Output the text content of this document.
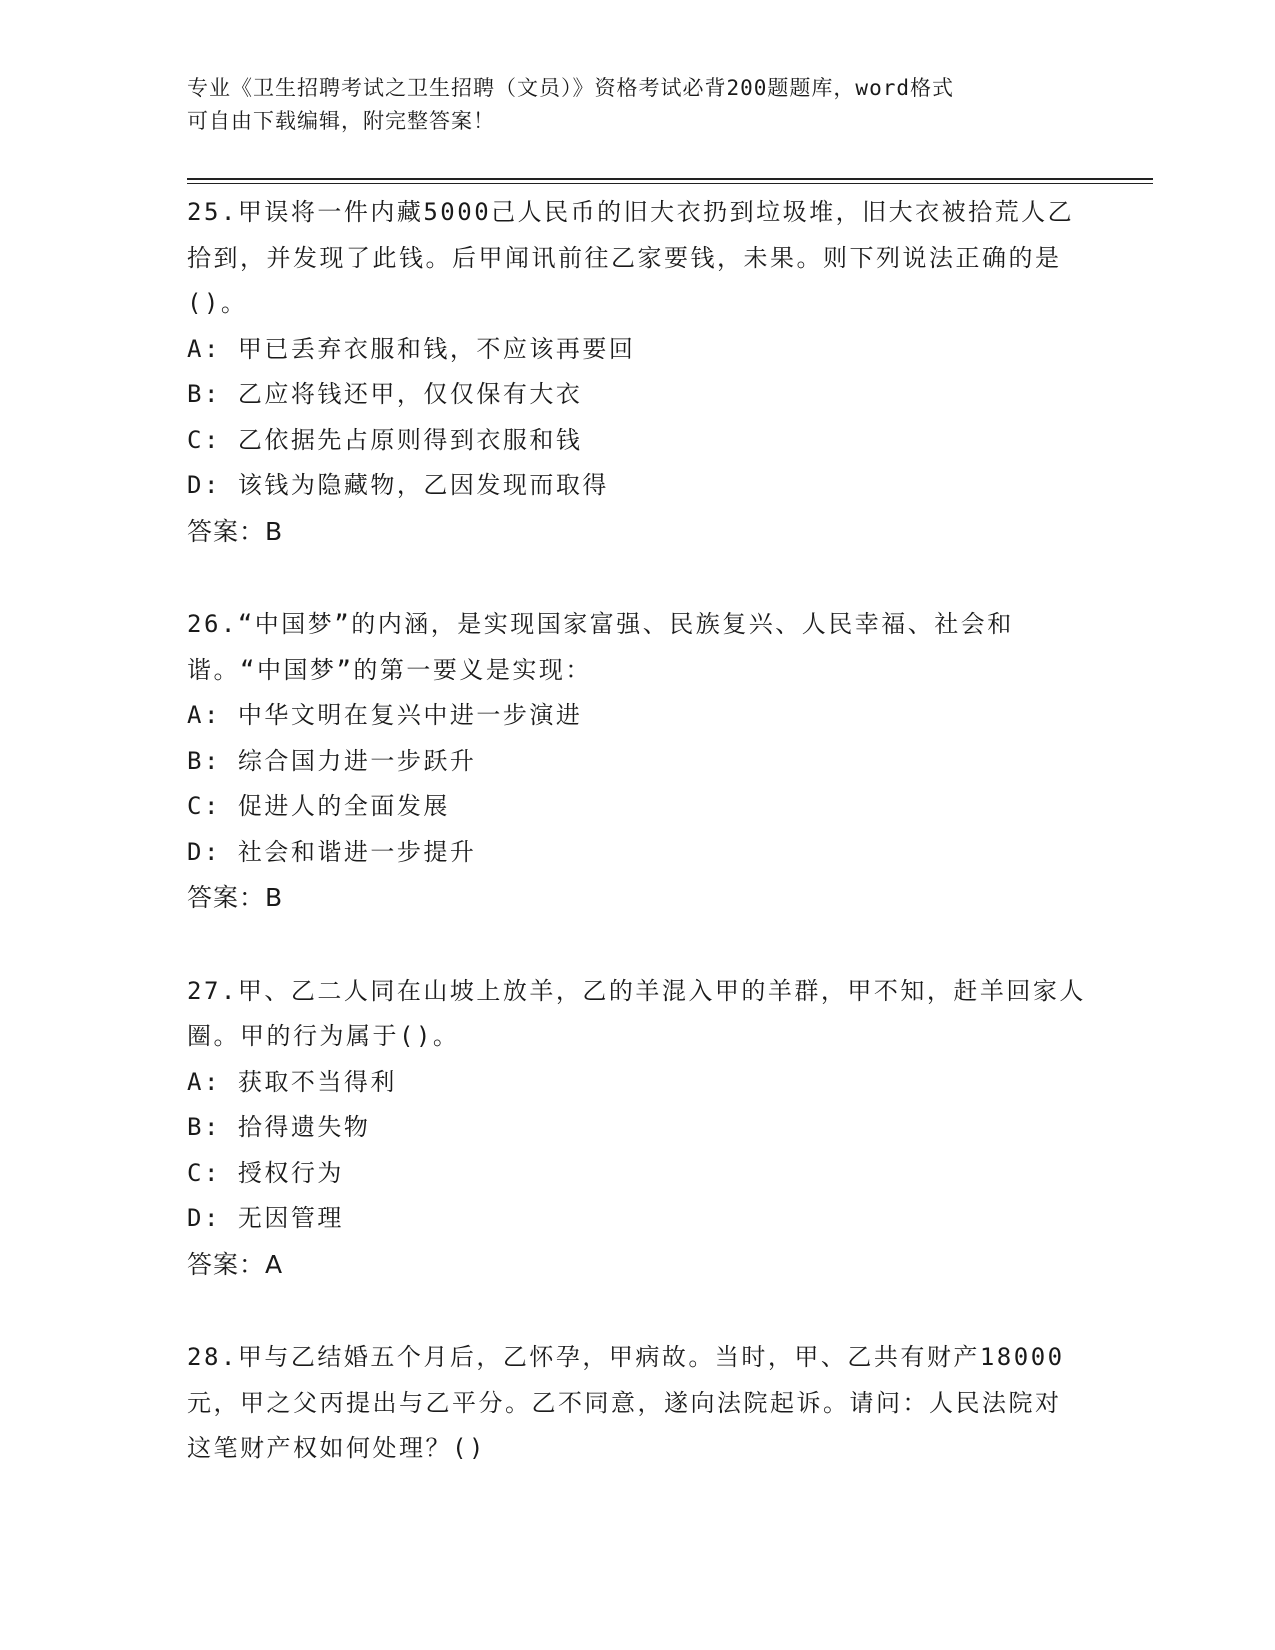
专业《卫生招聘考试之卫生招聘（文员）》资格考试必背200题题库，word格式
可自由下载编辑，附完整答案！

25.甲误将一件内藏5000己人民币的旧大衣扔到垃圾堆，旧大衣被拾荒人乙拾到，并发现了此钱。后甲闻讯前往乙家要钱，未果。则下列说法正确的是()。

A: 甲已丢弃衣服和钱，不应该再要回

B: 乙应将钱还甲，仅仅保有大衣

C: 乙依据先占原则得到衣服和钱

D: 该钱为隐藏物，乙因发现而取得

答案：B

26.“中国梦”的内涵，是实现国家富强、民族复兴、人民幸福、社会和谐。“中国梦”的第一要义是实现：

A: 中华文明在复兴中进一步演进

B: 综合国力进一步跃升

C: 促进人的全面发展

D: 社会和谐进一步提升

答案：B

27.甲、乙二人同在山坡上放羊，乙的羊混入甲的羊群，甲不知，赶羊回家人圈。甲的行为属于()。

A: 获取不当得利

B: 拾得遗失物

C: 授权行为

D: 无因管理

答案：A

28.甲与乙结婚五个月后，乙怀孕，甲病故。当时，甲、乙共有财产18000元，甲之父丙提出与乙平分。乙不同意，遂向法院起诉。请问：人民法院对这笔财产权如何处理？()
